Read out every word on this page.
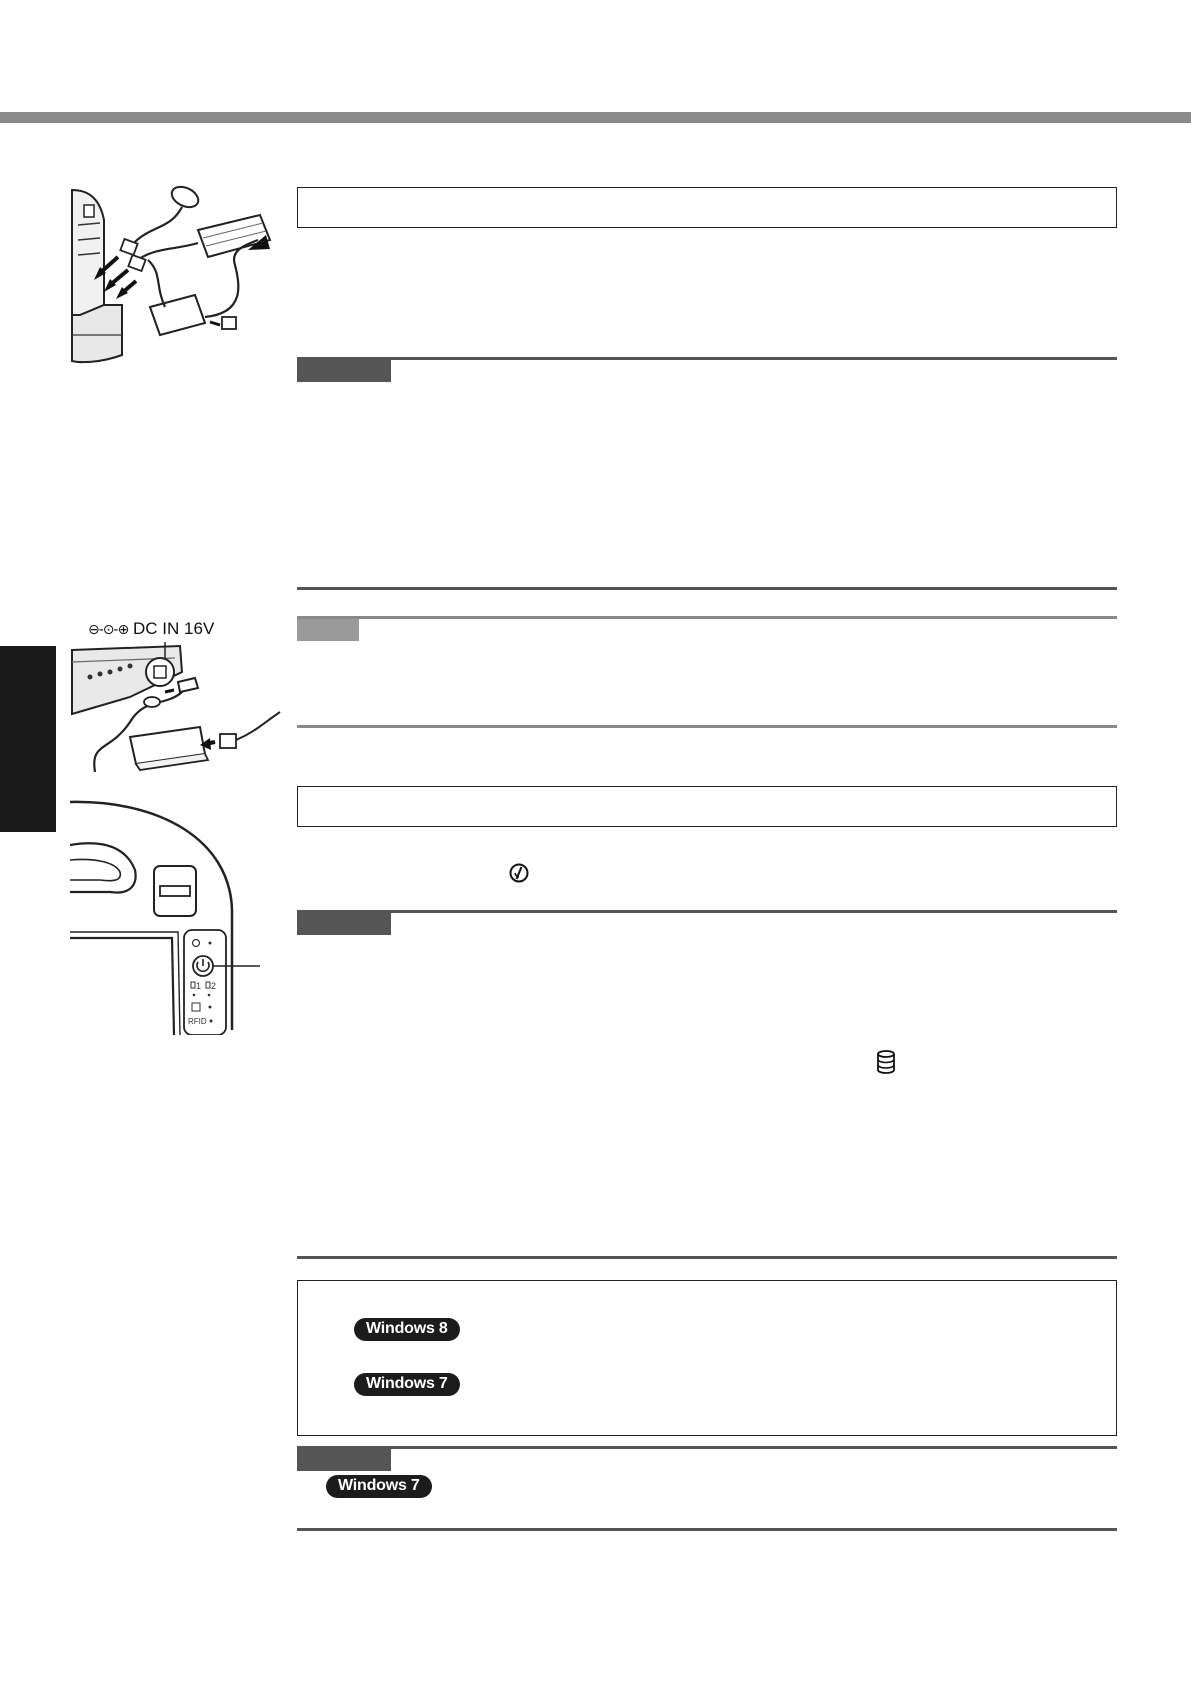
⊖-⊙-⊕ DC IN 16V
1 2
RFID
Windows 8
Windows 7
Windows 7
